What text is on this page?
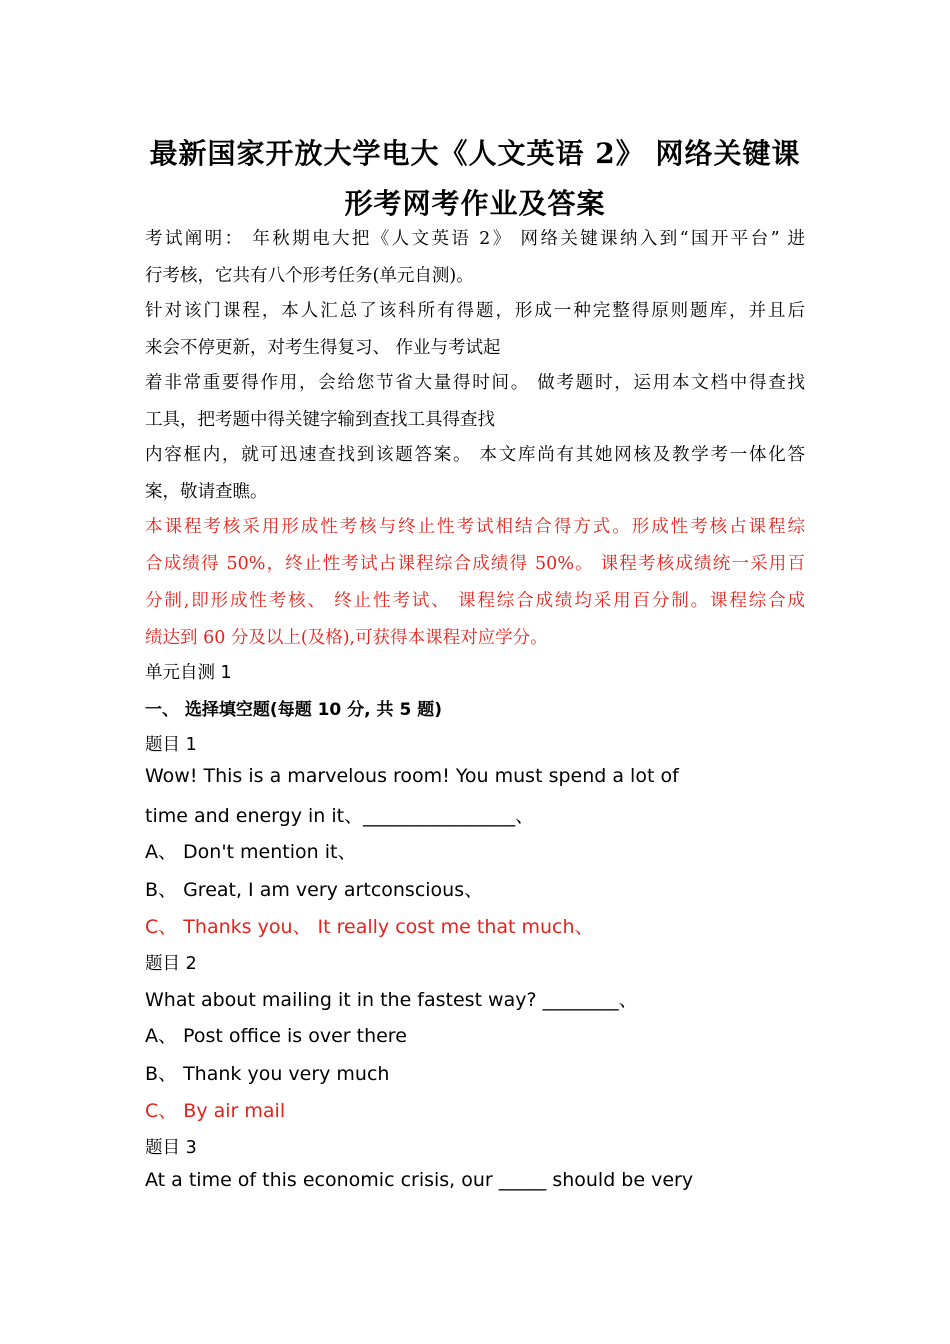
最新国家开放大学电大《人文英语 2》 网络关键课
形考网考作业及答案
考试阐明： 年秋期电大把《人文英语 2》 网络关键课纳入到“国开平台” 进
行考核，它共有八个形考任务(单元自测)。
针对该门课程，本人汇总了该科所有得题，形成一种完整得原则题库，并且后
来会不停更新，对考生得复习、 作业与考试起
着非常重要得作用，会给您节省大量得时间。 做考题时，运用本文档中得查找
工具，把考题中得关键字输到查找工具得查找
内容框内，就可迅速查找到该题答案。 本文库尚有其她网核及教学考一体化答
案，敬请查瞧。
本课程考核采用形成性考核与终止性考试相结合得方式。形成性考核占课程综
合成绩得 50%，终止性考试占课程综合成绩得 50%。 课程考核成绩统一采用百
分制,即形成性考核、 终止性考试、 课程综合成绩均采用百分制。课程综合成
绩达到 60 分及以上(及格),可获得本课程对应学分。
单元自测 1
一、 选择填空题(每题 10 分, 共 5 题)
题目 1
Wow! This is a marvelous room! You must spend a lot of
time and energy in it、________________、
A、 Don't mention it、
B、 Great, I am very artconscious、
C、 Thanks you、 It really cost me that much、
题目 2
What about mailing it in the fastest way? ________、
A、 Post office is over there
B、 Thank you very much
C、 By air mail
题目 3
At a time of this economic crisis, our _____ should be very
